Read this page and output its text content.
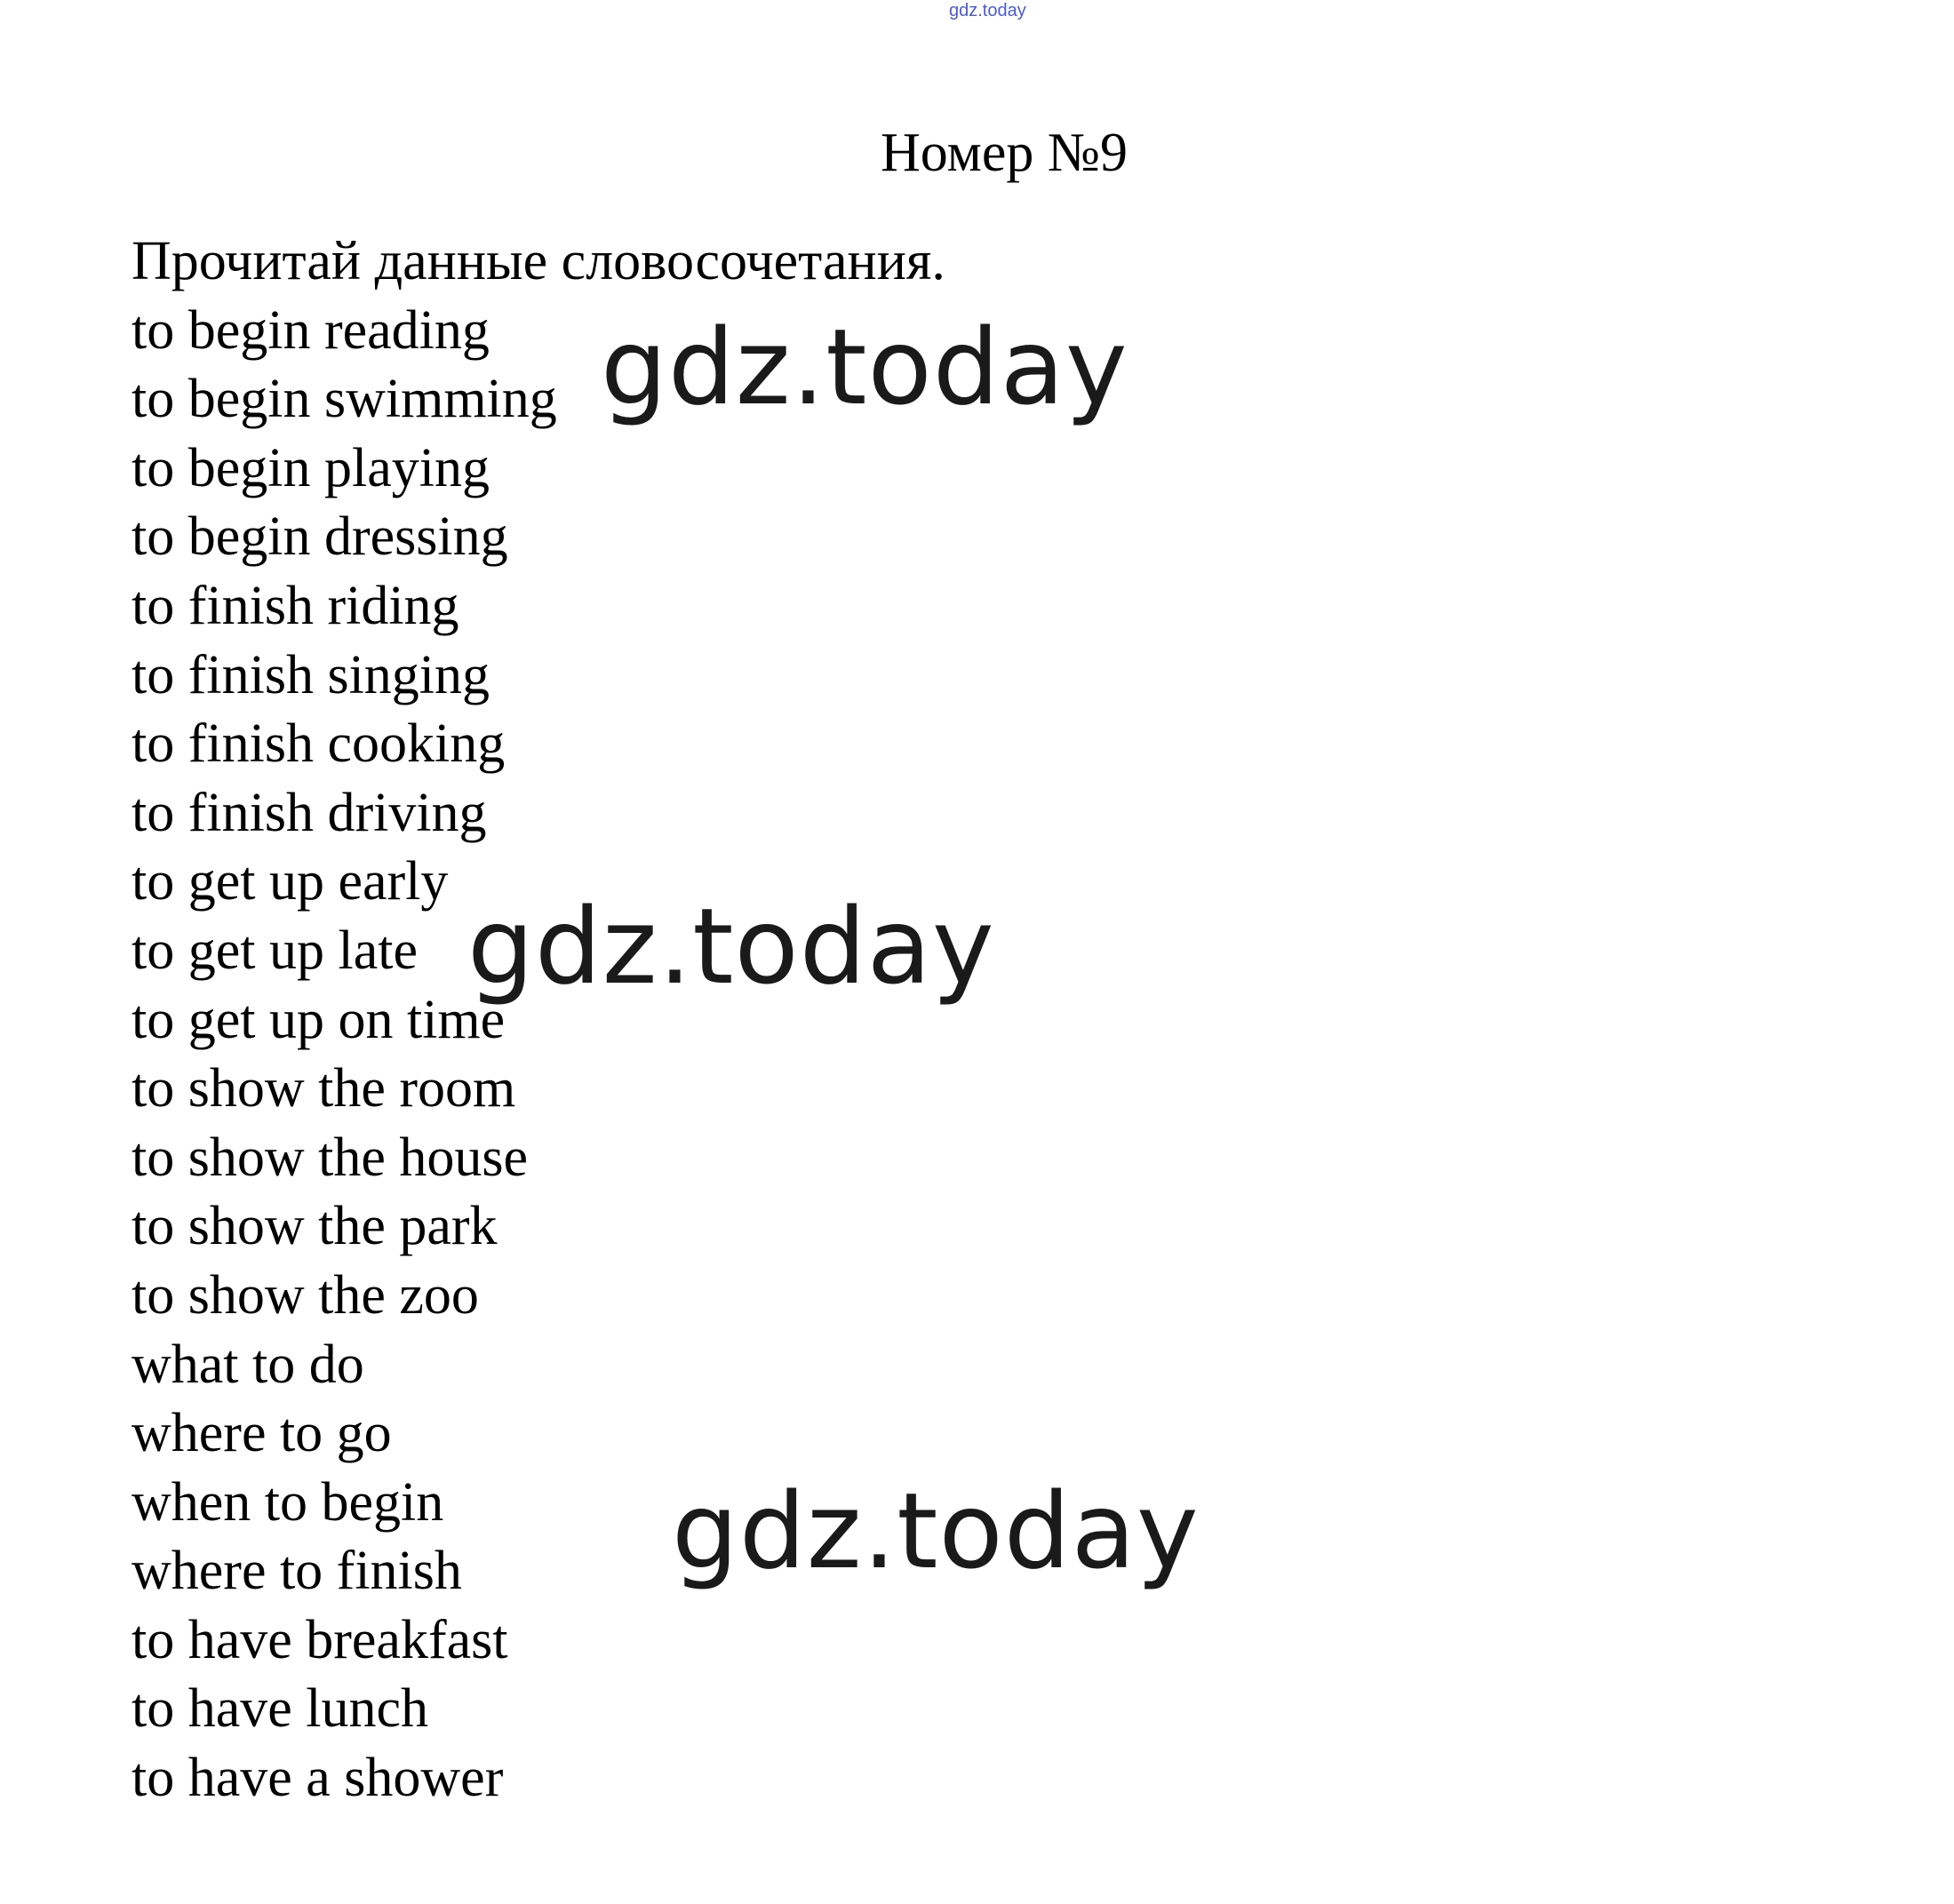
gdz.today
Номер №9
Прочитай данные словосочетания.
to begin reading
to begin swimming
to begin playing
to begin dressing
to finish riding
to finish singing
to finish cooking
to finish driving
to get up early
to get up late
to get up on time
to show the room
to show the house
to show the park
to show the zoo
what to do
where to go
when to begin
where to finish
to have breakfast
to have lunch
to have a shower
gdz.today
gdz.today
gdz.today
